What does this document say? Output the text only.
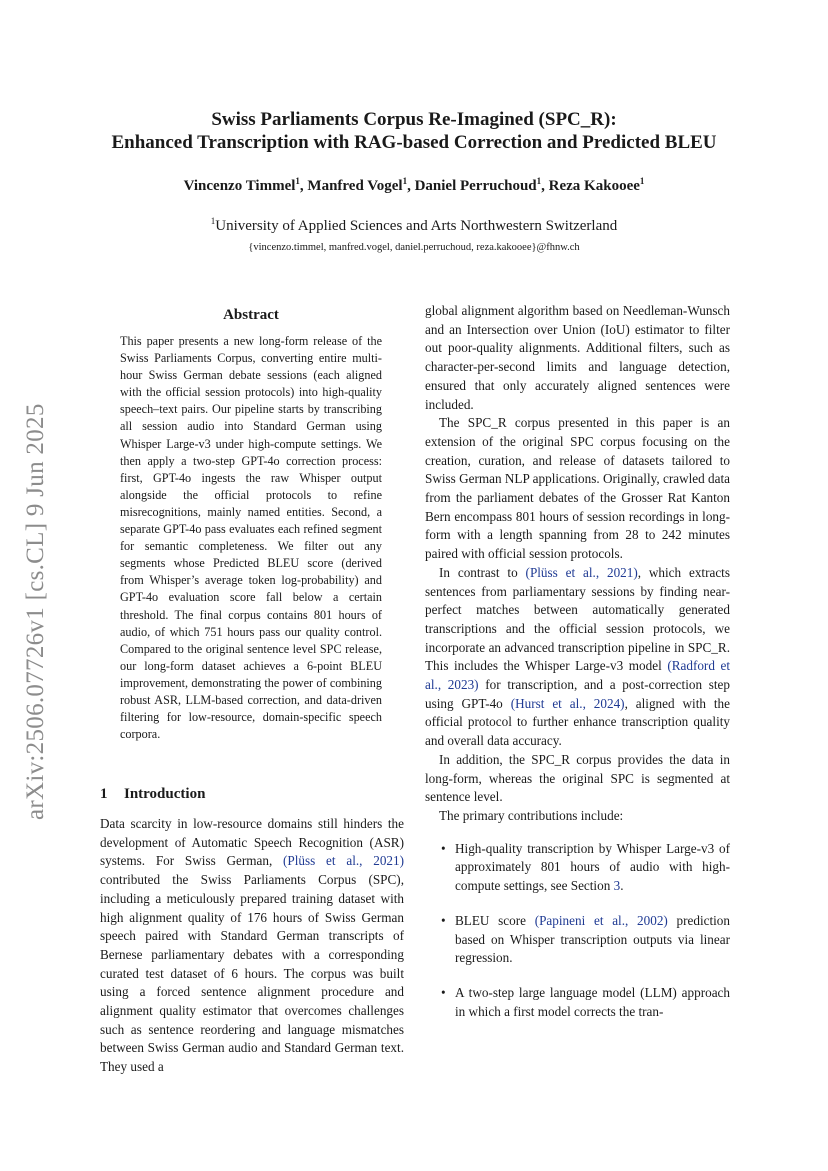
Swiss Parliaments Corpus Re-Imagined (SPC_R):
Enhanced Transcription with RAG-based Correction and Predicted BLEU
Vincenzo Timmel$^1$, Manfred Vogel$^1$, Daniel Perruchoud$^1$, Reza Kakooee$^1$
$^1$University of Applied Sciences and Arts Northwestern Switzerland
{vincenzo.timmel, manfred.vogel, daniel.perruchoud, reza.kakooee}@fhnw.ch
arXiv:2506.07726v1 [cs.CL] 9 Jun 2025
Abstract
This paper presents a new long-form release of the Swiss Parliaments Corpus, converting entire multi-hour Swiss German debate sessions (each aligned with the official session protocols) into high-quality speech–text pairs. Our pipeline starts by transcribing all session audio into Standard German using Whisper Large-v3 under high-compute settings. We then apply a two-step GPT-4o correction process: first, GPT-4o ingests the raw Whisper output alongside the official protocols to refine misrecognitions, mainly named entities. Second, a separate GPT-4o pass evaluates each refined segment for semantic completeness. We filter out any segments whose Predicted BLEU score (derived from Whisper’s average token log-probability) and GPT-4o evaluation score fall below a certain threshold. The final corpus contains 801 hours of audio, of which 751 hours pass our quality control. Compared to the original sentence level SPC release, our long-form dataset achieves a 6-point BLEU improvement, demonstrating the power of combining robust ASR, LLM-based correction, and data-driven filtering for low-resource, domain-specific speech corpora.
1 Introduction
Data scarcity in low-resource domains still hinders the development of Automatic Speech Recognition (ASR) systems. For Swiss German, (Plüss et al., 2021) contributed the Swiss Parliaments Corpus (SPC), including a meticulously prepared training dataset with high alignment quality of 176 hours of Swiss German speech paired with Standard German transcripts of Bernese parliamentary debates with a corresponding curated test dataset of 6 hours. The corpus was built using a forced sentence alignment procedure and alignment quality estimator that overcomes challenges such as sentence reordering and language mismatches between Swiss German audio and Standard German text. They used a

global alignment algorithm based on Needleman-Wunsch and an Intersection over Union (IoU) estimator to filter out poor-quality alignments. Additional filters, such as character-per-second limits and language detection, ensured that only accurately aligned sentences were included.

The SPC_R corpus presented in this paper is an extension of the original SPC corpus focusing on the creation, curation, and release of datasets tailored to Swiss German NLP applications. Originally, crawled data from the parliament debates of the Grosser Rat Kanton Bern encompass 801 hours of session recordings in long-form with a length spanning from 28 to 242 minutes paired with official session protocols.

In contrast to (Plüss et al., 2021), which extracts sentences from parliamentary sessions by finding near-perfect matches between automatically generated transcriptions and the official session protocols, we incorporate an advanced transcription pipeline in SPC_R. This includes the Whisper Large-v3 model (Radford et al., 2023) for transcription, and a post-correction step using GPT-4o (Hurst et al., 2024), aligned with the official protocol to further enhance transcription quality and overall data accuracy.

In addition, the SPC_R corpus provides the data in long-form, whereas the original SPC is segmented at sentence level.

The primary contributions include:

• High-quality transcription by Whisper Large-v3 of approximately 801 hours of audio with high-compute settings, see Section 3.
• BLEU score (Papineni et al., 2002) prediction based on Whisper transcription outputs via linear regression.
• A two-step large language model (LLM) approach in which a first model corrects the tran-
